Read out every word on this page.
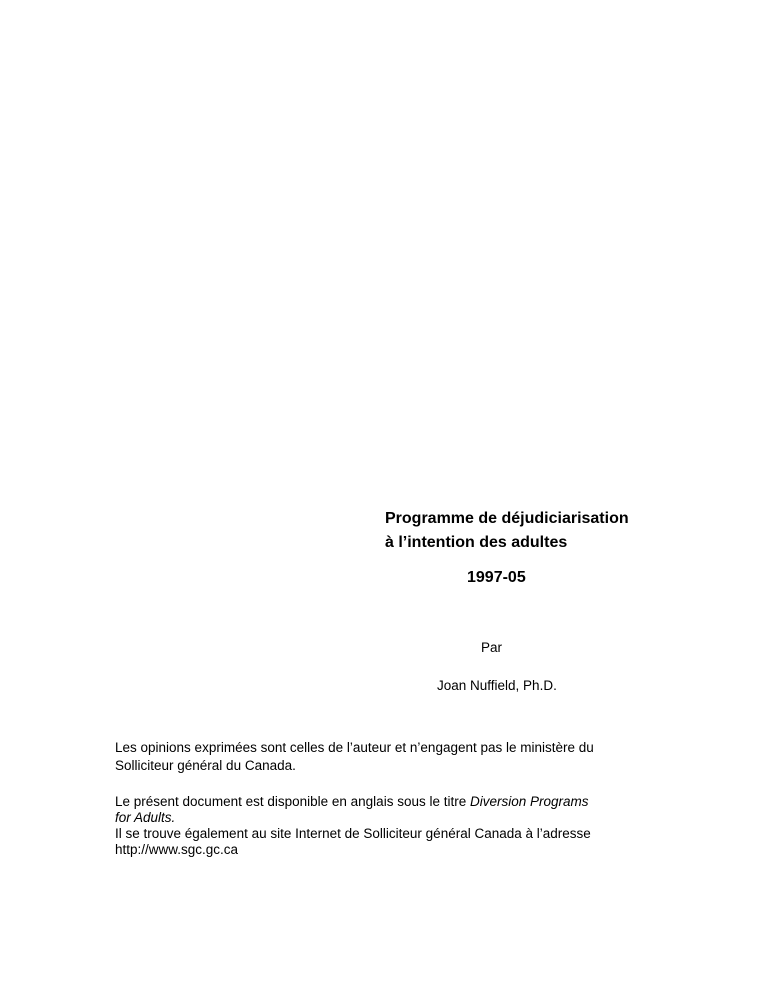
Programme de déjudiciarisation
à l’intention des adultes
1997-05
Par
Joan Nuffield, Ph.D.
Les opinions exprimées sont celles de l’auteur et n’engagent pas le ministère du
Solliciteur général du Canada.
Le présent document est disponible en anglais sous le titre Diversion Programs
for Adults.
Il se trouve également au site Internet de Solliciteur général Canada à l’adresse
http://www.sgc.gc.ca
